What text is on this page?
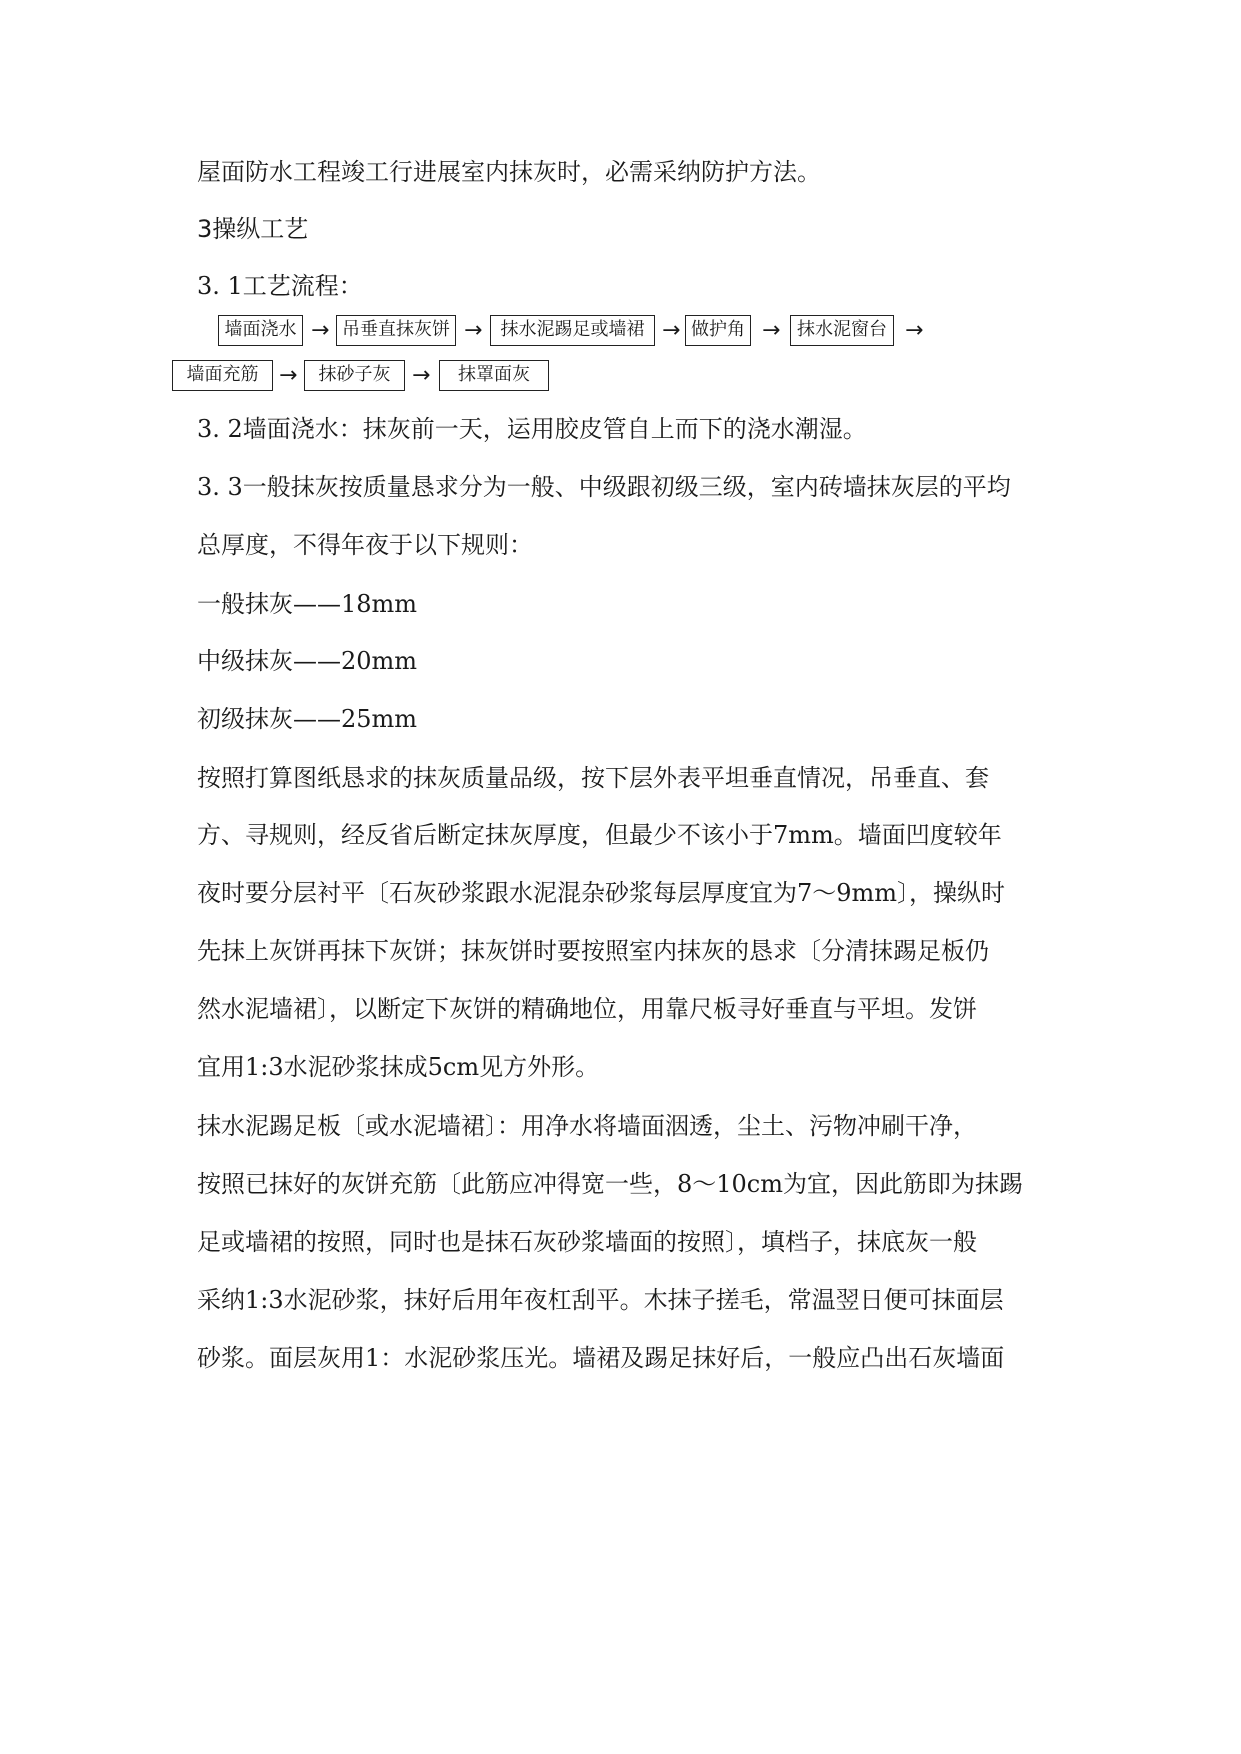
屋面防水工程竣工行进展室内抹灰时，必需采纳防护方法。

3操纵工艺

3. 1工艺流程：

墙面浇水 → 吊垂直抹灰饼 →	抹水泥踢足或墙裙 → 做护角 → 抹水泥窗台 →
墙面充筋 →	抹砂子灰 →	抹罩面灰

3. 2墙面浇水：抹灰前一天，运用胶皮管自上而下的浇水潮湿。

3. 3一般抹灰按质量恳求分为一般、中级跟初级三级，室内砖墙抹灰层的平均

总厚度，不得年夜于以下规则：

一般抹灰——18mm

中级抹灰——20mm

初级抹灰——25mm

按照打算图纸恳求的抹灰质量品级，按下层外表平坦垂直情况，吊垂直、套

方、寻规则，经反省后断定抹灰厚度，但最少不该小于7mm。墙面凹度较年

夜时要分层衬平〔石灰砂浆跟水泥混杂砂浆每层厚度宜为7～9mm〕，操纵时

先抹上灰饼再抹下灰饼；抹灰饼时要按照室内抹灰的恳求〔分清抹踢足板仍

然水泥墙裙〕，以断定下灰饼的精确地位，用靠尺板寻好垂直与平坦。发饼

宜用1:3水泥砂浆抹成5cm见方外形。

抹水泥踢足板〔或水泥墙裙〕：用净水将墙面洇透，尘土、污物冲刷干净，

按照已抹好的灰饼充筋〔此筋应冲得宽一些，8～10cm为宜，因此筋即为抹踢

足或墙裙的按照，同时也是抹石灰砂浆墙面的按照〕，填档子，抹底灰一般

采纳1:3水泥砂浆，抹好后用年夜杠刮平。木抹子搓毛，常温翌日便可抹面层

砂浆。面层灰用1：水泥砂浆压光。墙裙及踢足抹好后，一般应凸出石灰墙面
